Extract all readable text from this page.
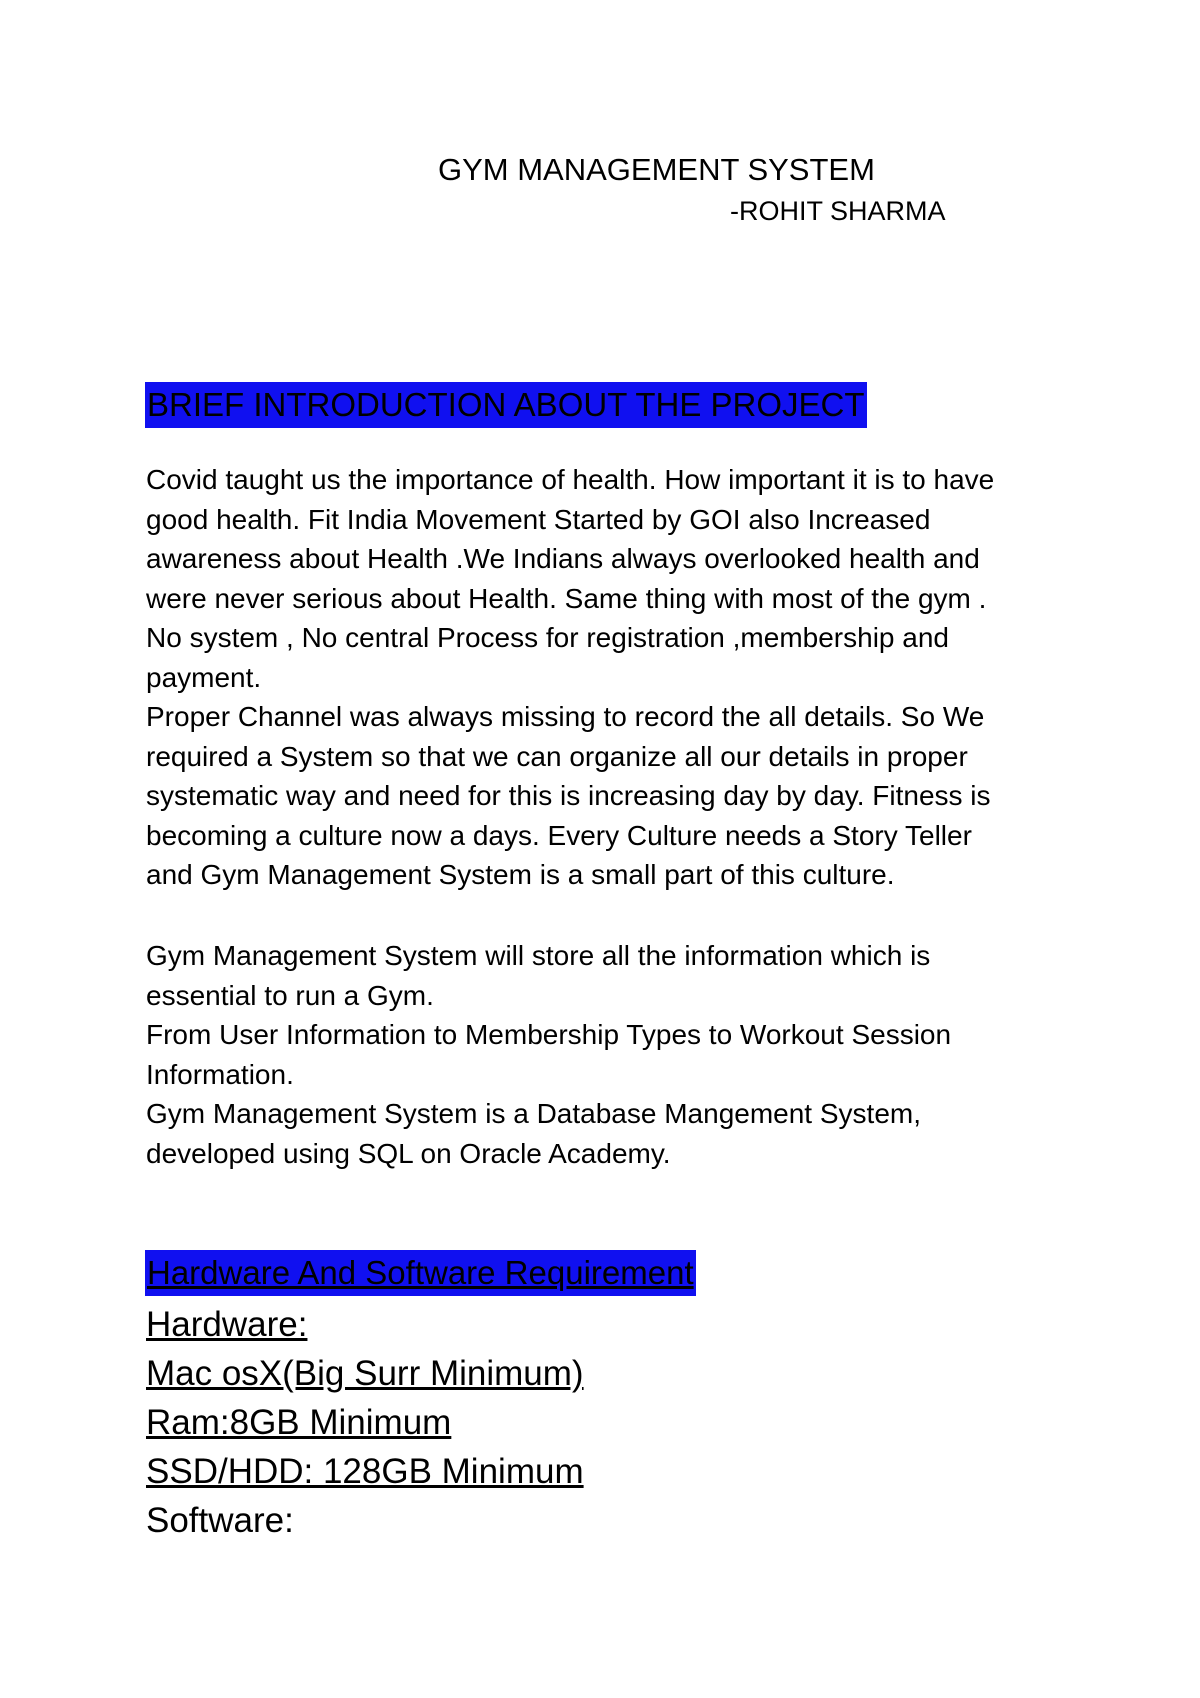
GYM MANAGEMENT SYSTEM
-ROHIT SHARMA
BRIEF INTRODUCTION ABOUT THE PROJECT

Covid taught us the importance of health. How important it is to have

good health. Fit India Movement Started by GOI also Increased

awareness about Health .We Indians always overlooked health and

were never serious about Health. Same thing with most of the gym .

No system , No central Process for registration ,membership and

payment.

Proper Channel was always missing to record the all details. So We

required a System so that we can organize all our details in proper

systematic way and need for this is increasing day by day. Fitness is

becoming a culture now a days. Every Culture needs a Story Teller

and Gym Management System is a small part of this culture.

Gym Management System will store all the information which is

essential to run a Gym.

From User Information to Membership Types to Workout Session

Information.

Gym Management System is a Database Mangement System,

developed using SQL on Oracle Academy.

Hardware And Software Requirement
Hardware:
Mac osX(Big Surr Minimum)
Ram:8GB Minimum
SSD/HDD: 128GB Minimum
Software:
